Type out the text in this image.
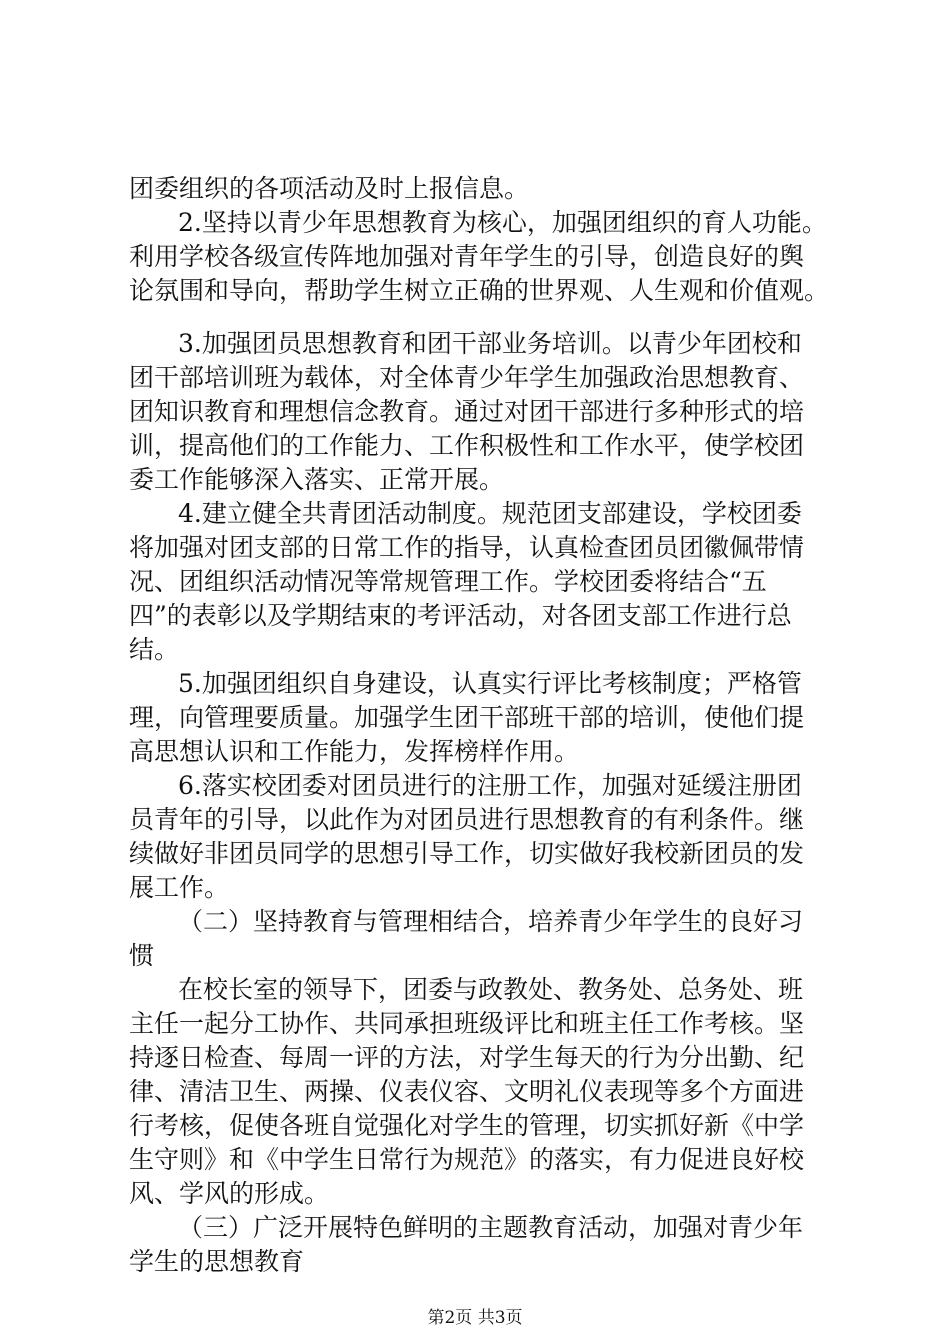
团委组织的各项活动及时上报信息。
2.坚持以青少年思想教育为核心，加强团组织的育人功能。
利用学校各级宣传阵地加强对青年学生的引导，创造良好的舆
论氛围和导向，帮助学生树立正确的世界观、人生观和价值观。
3.加强团员思想教育和团干部业务培训。以青少年团校和
团干部培训班为载体，对全体青少年学生加强政治思想教育、
团知识教育和理想信念教育。通过对团干部进行多种形式的培
训，提高他们的工作能力、工作积极性和工作水平，使学校团
委工作能够深入落实、正常开展。
4.建立健全共青团活动制度。规范团支部建设，学校团委
将加强对团支部的日常工作的指导，认真检查团员团徽佩带情
况、团组织活动情况等常规管理工作。学校团委将结合“五
四”的表彰以及学期结束的考评活动，对各团支部工作进行总
结。
5.加强团组织自身建设，认真实行评比考核制度；严格管
理，向管理要质量。加强学生团干部班干部的培训，使他们提
高思想认识和工作能力，发挥榜样作用。
6.落实校团委对团员进行的注册工作，加强对延缓注册团
员青年的引导，以此作为对团员进行思想教育的有利条件。继
续做好非团员同学的思想引导工作，切实做好我校新团员的发
展工作。
（二）坚持教育与管理相结合，培养青少年学生的良好习
惯
在校长室的领导下，团委与政教处、教务处、总务处、班
主任一起分工协作、共同承担班级评比和班主任工作考核。坚
持逐日检查、每周一评的方法，对学生每天的行为分出勤、纪
律、清洁卫生、两操、仪表仪容、文明礼仪表现等多个方面进
行考核，促使各班自觉强化对学生的管理，切实抓好新《中学
生守则》和《中学生日常行为规范》的落实，有力促进良好校
风、学风的形成。
（三）广泛开展特色鲜明的主题教育活动，加强对青少年
学生的思想教育
第2页 共3页
